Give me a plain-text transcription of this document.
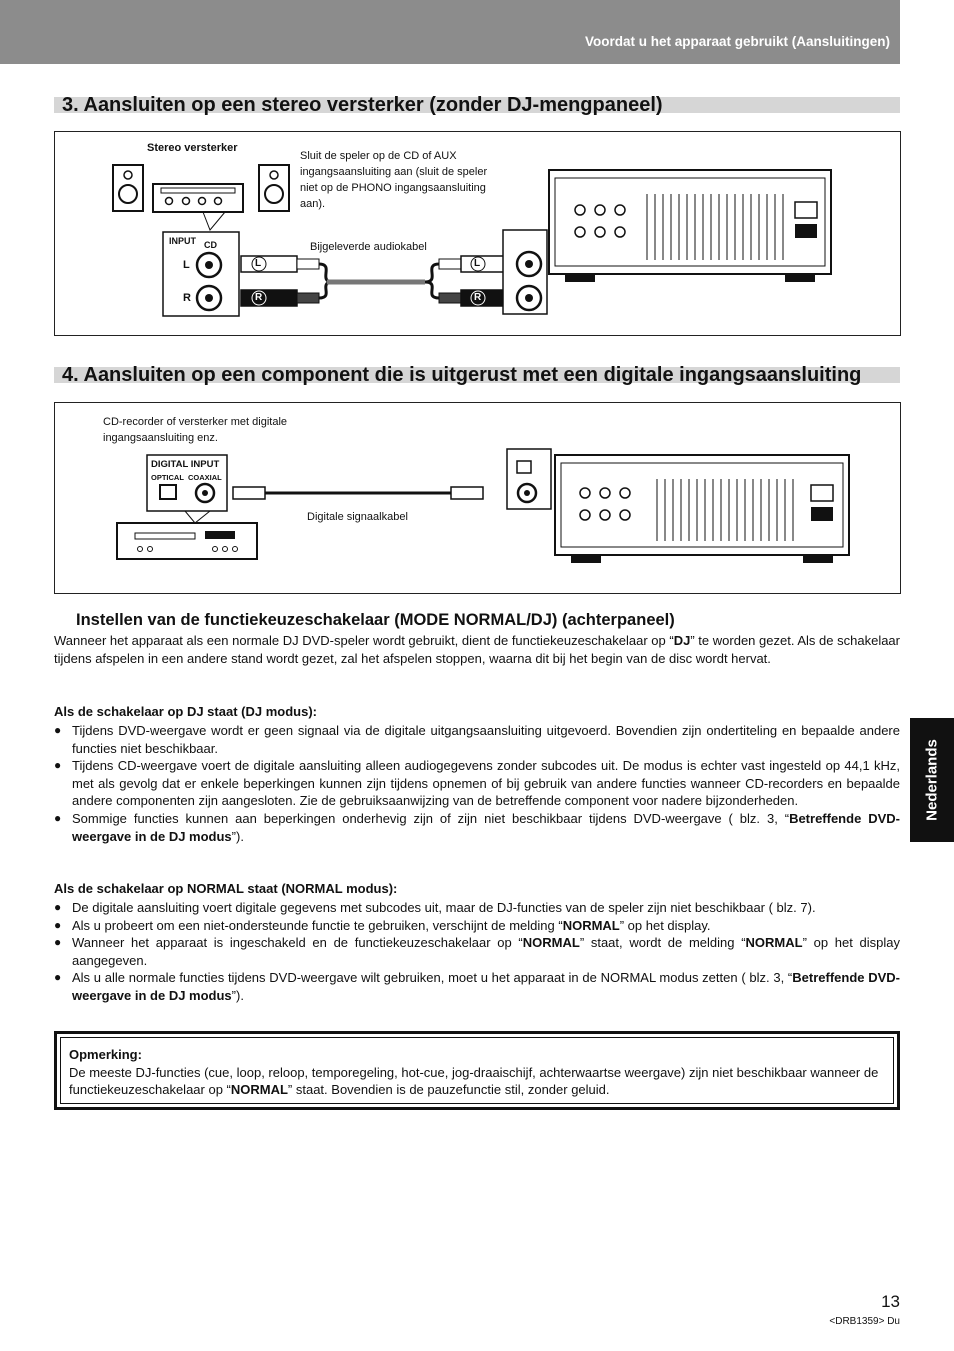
Voordat u het apparaat gebruikt (Aansluitingen)
3. Aansluiten op een stereo versterker (zonder DJ-mengpaneel)
Stereo versterker
Sluit de speler op de CD of AUX ingangsaansluiting aan (sluit de speler niet op de PHONO ingangsaansluiting aan).
Bijgeleverde audiokabel
INPUT CD
L
R
L
R
L
R
4. Aansluiten op een component die is uitgerust met een digitale ingangsaansluiting
CD-recorder of versterker met digitale ingangsaansluiting enz.
DIGITAL INPUT
OPTICAL COAXIAL
Digitale signaalkabel
Nederlands
Instellen van de functiekeuzeschakelaar (MODE NORMAL/DJ) (achterpaneel)
Wanneer het apparaat als een normale DJ DVD-speler wordt gebruikt, dient de functiekeuzeschakelaar op “DJ” te worden gezet. Als de schakelaar tijdens afspelen in een andere stand wordt gezet, zal het afspelen stoppen, waarna dit bij het begin van de disc wordt hervat.
Als de schakelaar op DJ staat (DJ modus):
● Tijdens DVD-weergave wordt er geen signaal via de digitale uitgangsaansluiting uitgevoerd. Bovendien zijn ondertiteling en bepaalde andere functies niet beschikbaar.
● Tijdens CD-weergave voert de digitale aansluiting alleen audiogegevens zonder subcodes uit. De modus is echter vast ingesteld op 44,1 kHz, met als gevolg dat er enkele beperkingen kunnen zijn tijdens opnemen of bij gebruik van andere functies wanneer CD-recorders en bepaalde andere componenten zijn aangesloten. Zie de gebruiksaanwijzing van de betreffende component voor nadere bijzonderheden.
● Sommige functies kunnen aan beperkingen onderhevig zijn of zijn niet beschikbaar tijdens DVD-weergave ( blz. 3, “Betreffende DVD-weergave in de DJ modus”).
Als de schakelaar op NORMAL staat (NORMAL modus):
● De digitale aansluiting voert digitale gegevens met subcodes uit, maar de DJ-functies van de speler zijn niet beschikbaar ( blz. 7).
● Als u probeert om een niet-ondersteunde functie te gebruiken, verschijnt de melding “NORMAL” op het display.
● Wanneer het apparaat is ingeschakeld en de functiekeuzeschakelaar op “NORMAL” staat, wordt de melding “NORMAL” op het display aangegeven.
● Als u alle normale functies tijdens DVD-weergave wilt gebruiken, moet u het apparaat in de NORMAL modus zetten ( blz. 3, “Betreffende DVD-weergave in de DJ modus”).
Opmerking:
De meeste DJ-functies (cue, loop, reloop, temporegeling, hot-cue, jog-draaischijf, achterwaartse weergave) zijn niet beschikbaar wanneer de functiekeuzeschakelaar op “NORMAL” staat. Bovendien is de pauzefunctie stil, zonder geluid.
13
<DRB1359> Du
